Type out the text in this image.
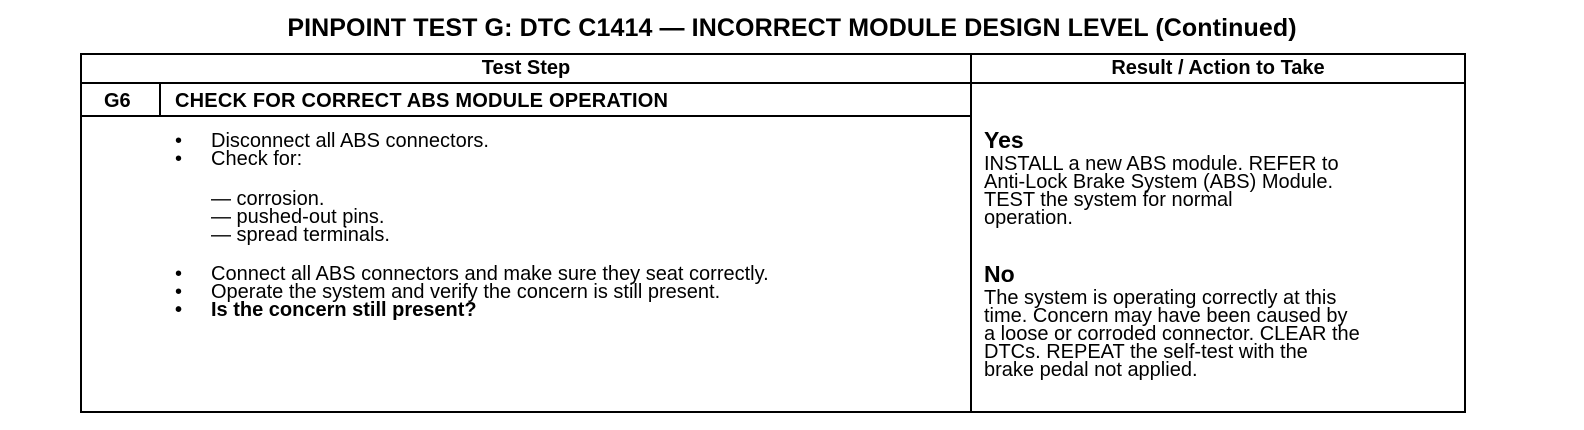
PINPOINT TEST G: DTC C1414 — INCORRECT MODULE DESIGN LEVEL (Continued)
Test Step	Result / Action to Take
G6 CHECK FOR CORRECT ABS MODULE OPERATION
• Disconnect all ABS connectors.
• Check for:
— corrosion.
— pushed-out pins.
— spread terminals.
• Connect all ABS connectors and make sure they seat correctly.
• Operate the system and verify the concern is still present.
• Is the concern still present?
Yes
INSTALL a new ABS module. REFER to
Anti-Lock Brake System (ABS) Module.
TEST the system for normal
operation.
No
The system is operating correctly at this
time. Concern may have been caused by
a loose or corroded connector. CLEAR the
DTCs. REPEAT the self-test with the
brake pedal not applied.
